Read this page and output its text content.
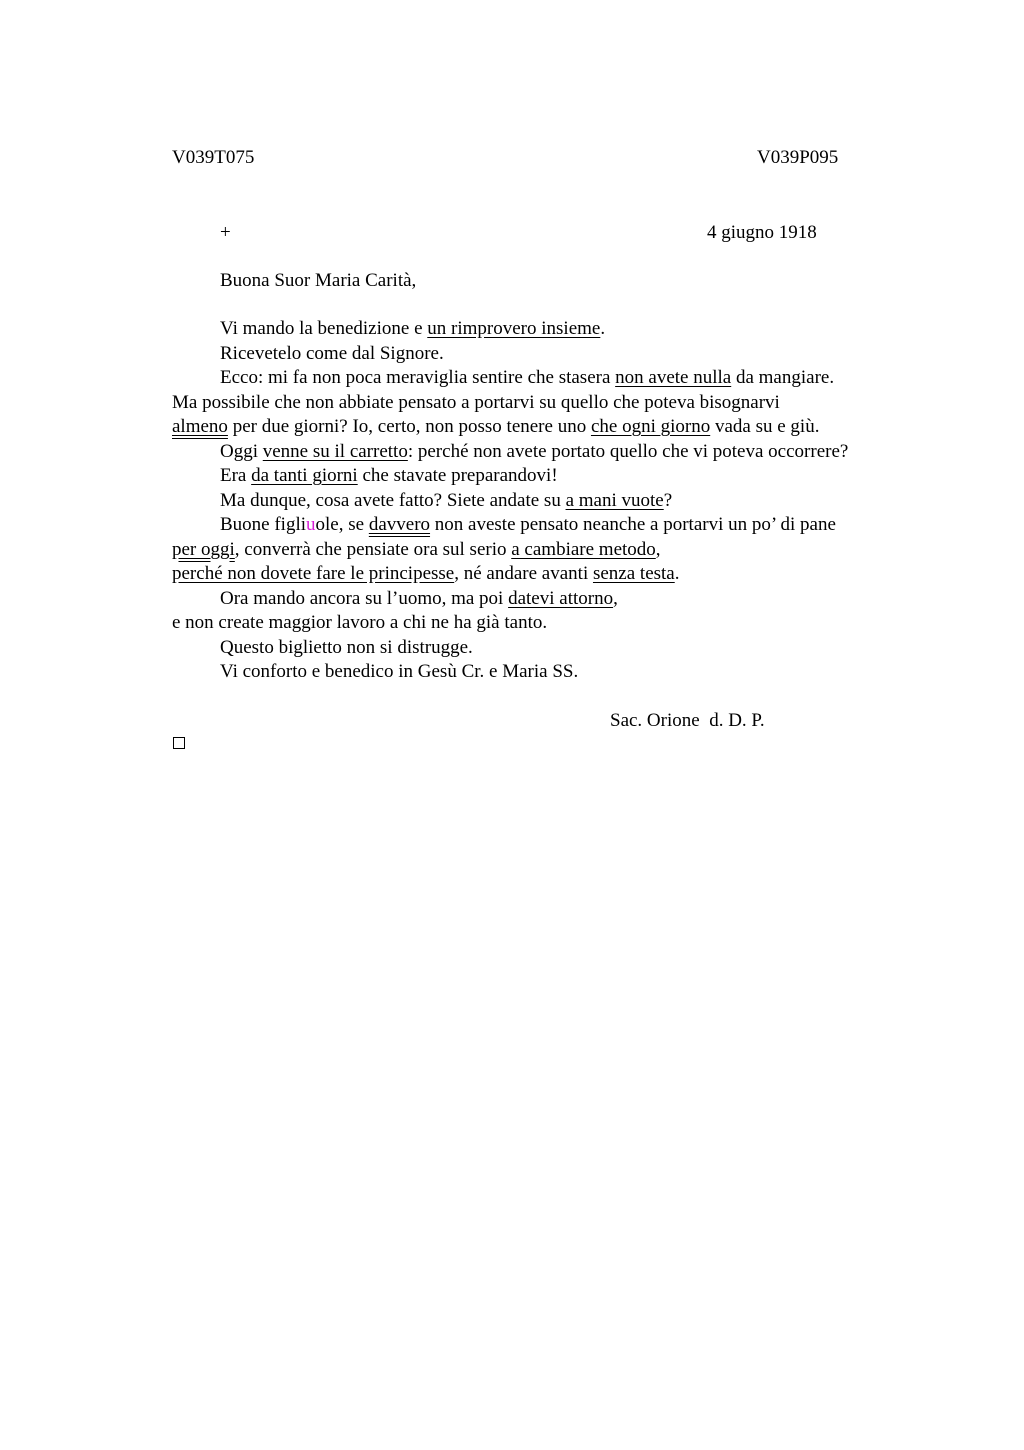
V039T075	V039P095
+	4 giugno 1918
Buona Suor Maria Carità,
Vi mando la benedizione e un rimprovero insieme.
Ricevetelo come dal Signore.
Ecco: mi fa non poca meraviglia sentire che stasera non avete nulla da mangiare.
Ma possibile che non abbiate pensato a portarvi su quello che poteva bisognarvi
almeno per due giorni? Io, certo, non posso tenere uno che ogni giorno vada su e giù.
Oggi venne su il carretto: perché non avete portato quello che vi poteva occorrere?
Era da tanti giorni che stavate preparandovi!
Ma dunque, cosa avete fatto? Siete andate su a mani vuote?
Buone figliuole, se davvero non aveste pensato neanche a portarvi un po’ di pane
per oggi, converrà che pensiate ora sul serio a cambiare metodo,
perché non dovete fare le principesse, né andare avanti senza testa.
Ora mando ancora su l’uomo, ma poi datevi attorno,
e non create maggior lavoro a chi ne ha già tanto.
Questo biglietto non si distrugge.
Vi conforto e benedico in Gesù Cr. e Maria SS.
Sac. Orione  d. D. P.
